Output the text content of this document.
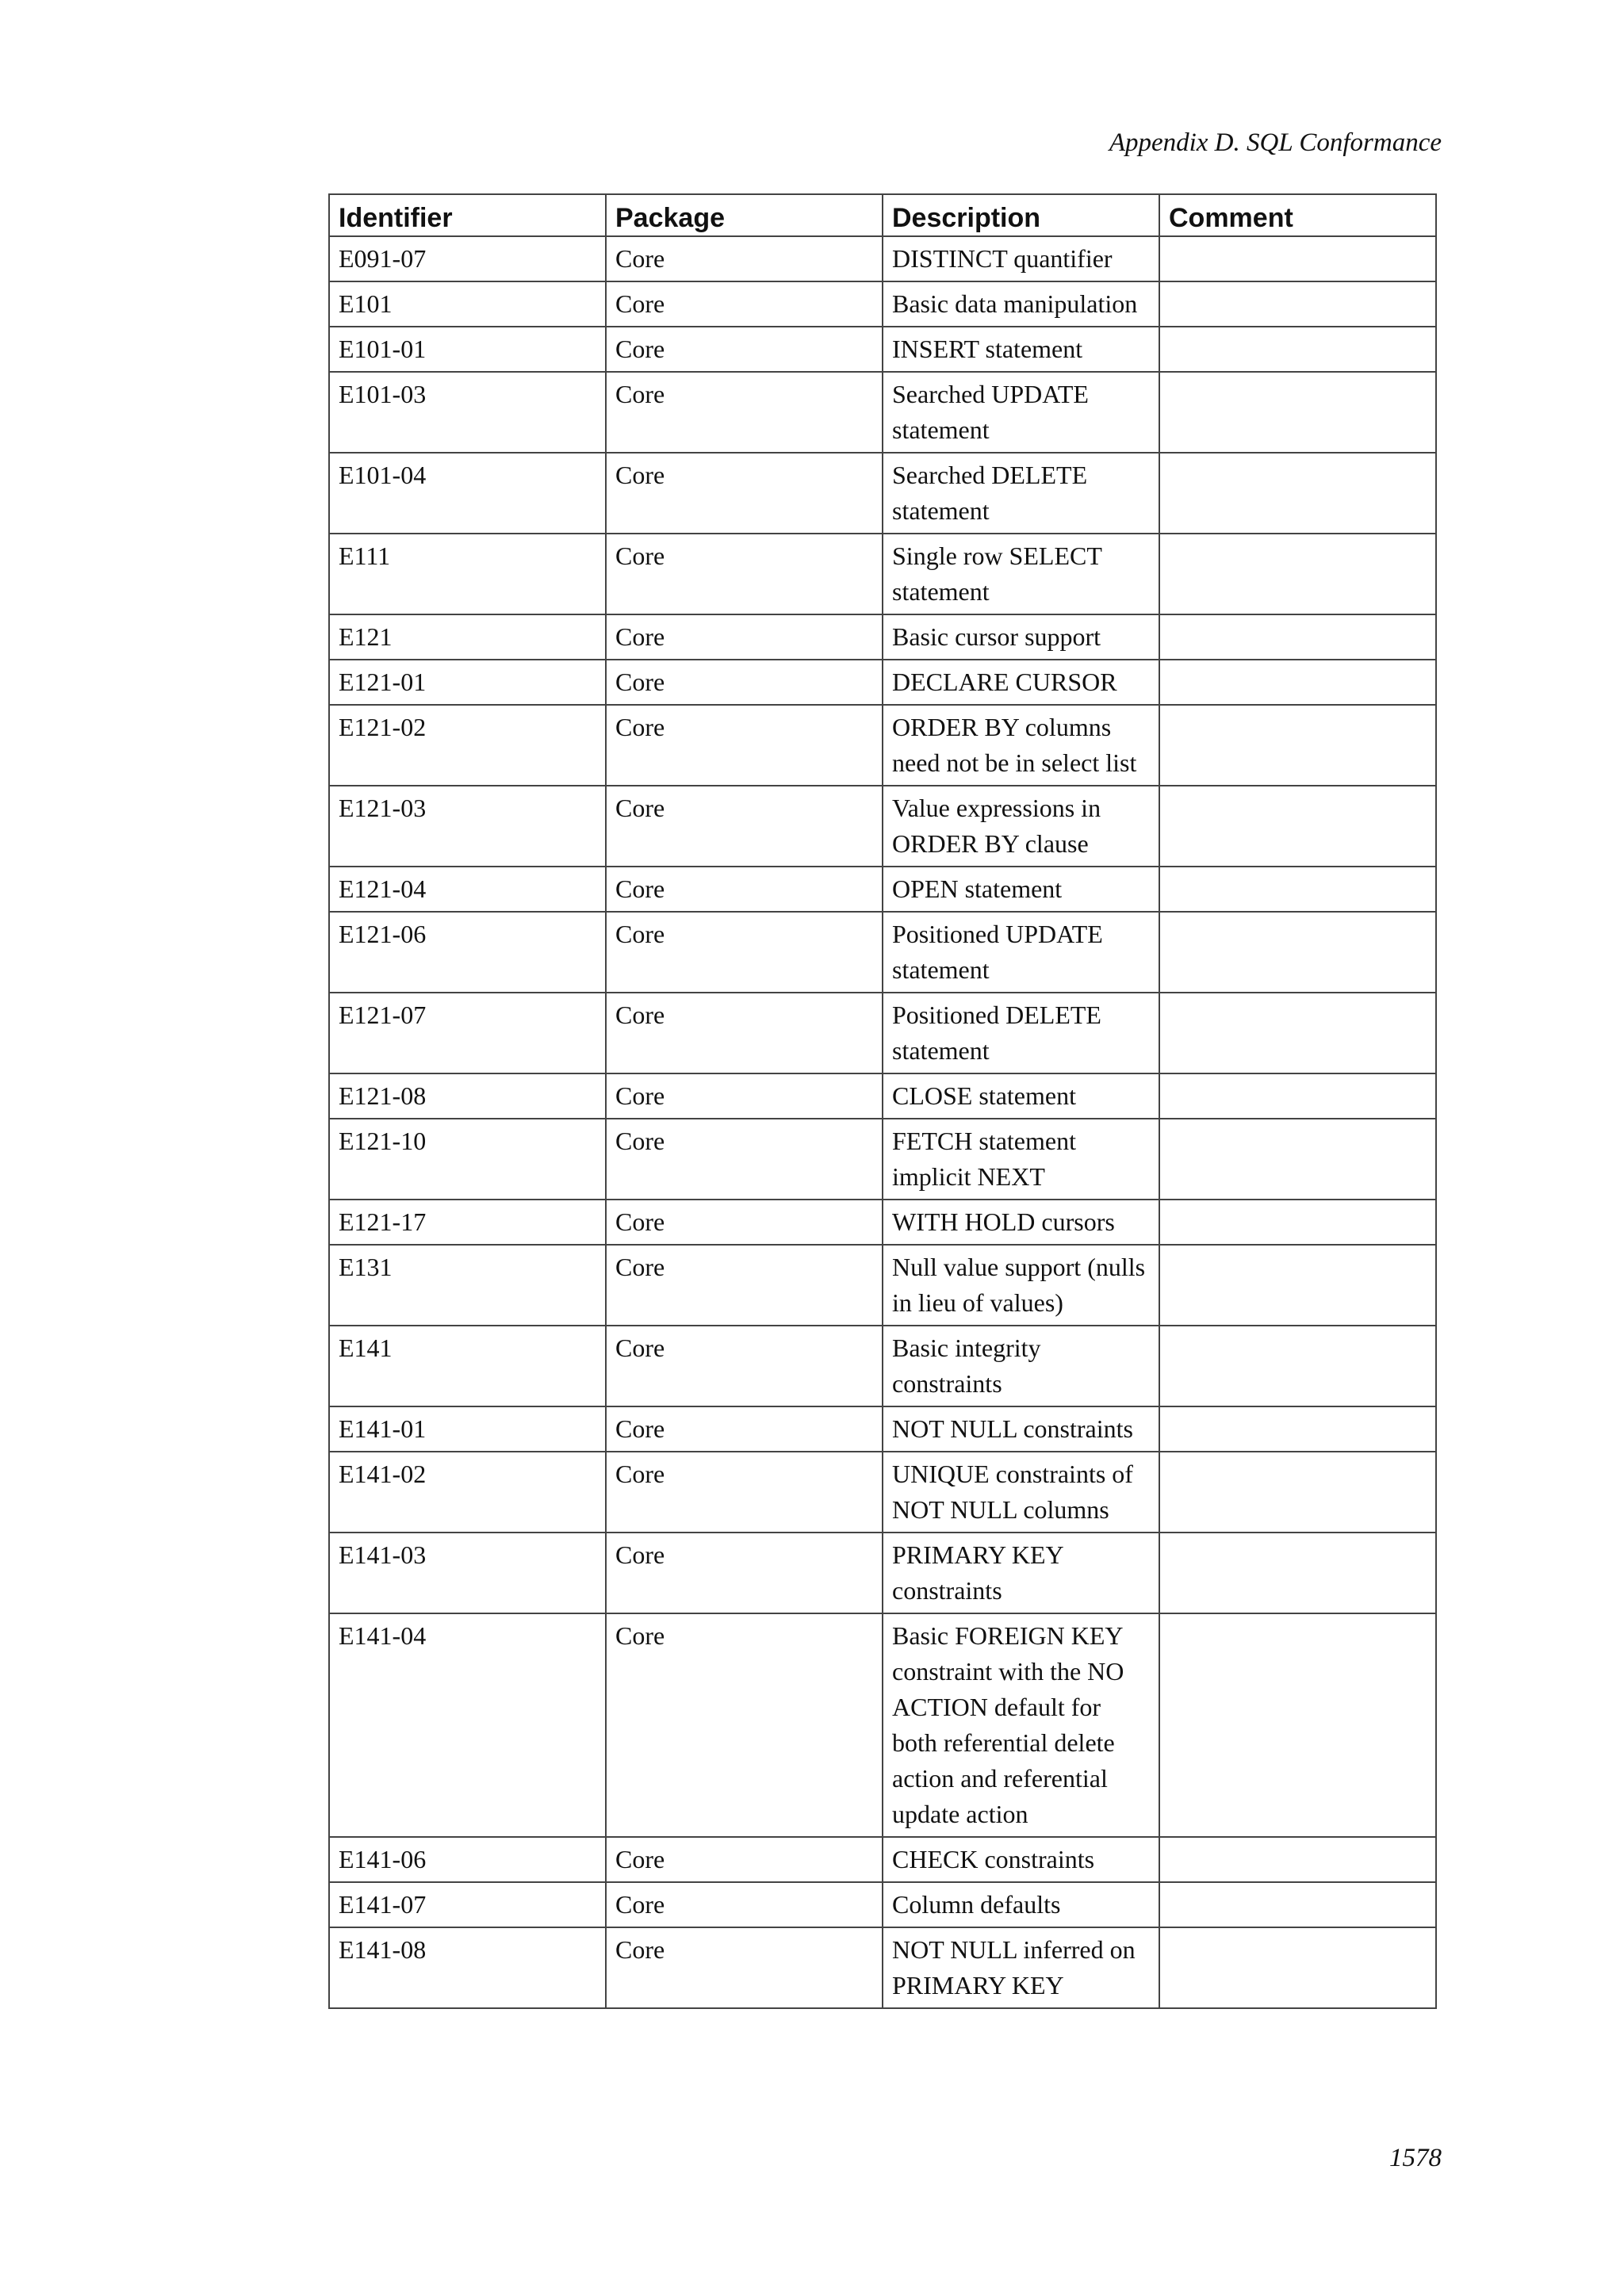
Appendix D. SQL Conformance
Identifier	Package	Description	Comment
E091-07	Core	DISTINCT quantifier	
E101	Core	Basic data manipulation	
E101-01	Core	INSERT statement	
E101-03	Core	Searched UPDATE statement	
E101-04	Core	Searched DELETE statement	
E111	Core	Single row SELECT statement	
E121	Core	Basic cursor support	
E121-01	Core	DECLARE CURSOR	
E121-02	Core	ORDER BY columns need not be in select list	
E121-03	Core	Value expressions in ORDER BY clause	
E121-04	Core	OPEN statement	
E121-06	Core	Positioned UPDATE statement	
E121-07	Core	Positioned DELETE statement	
E121-08	Core	CLOSE statement	
E121-10	Core	FETCH statement implicit NEXT	
E121-17	Core	WITH HOLD cursors	
E131	Core	Null value support (nulls in lieu of values)	
E141	Core	Basic integrity constraints	
E141-01	Core	NOT NULL constraints	
E141-02	Core	UNIQUE constraints of NOT NULL columns	
E141-03	Core	PRIMARY KEY constraints	
E141-04	Core	Basic FOREIGN KEY constraint with the NO ACTION default for both referential delete action and referential update action	
E141-06	Core	CHECK constraints	
E141-07	Core	Column defaults	
E141-08	Core	NOT NULL inferred on PRIMARY KEY	
1578
